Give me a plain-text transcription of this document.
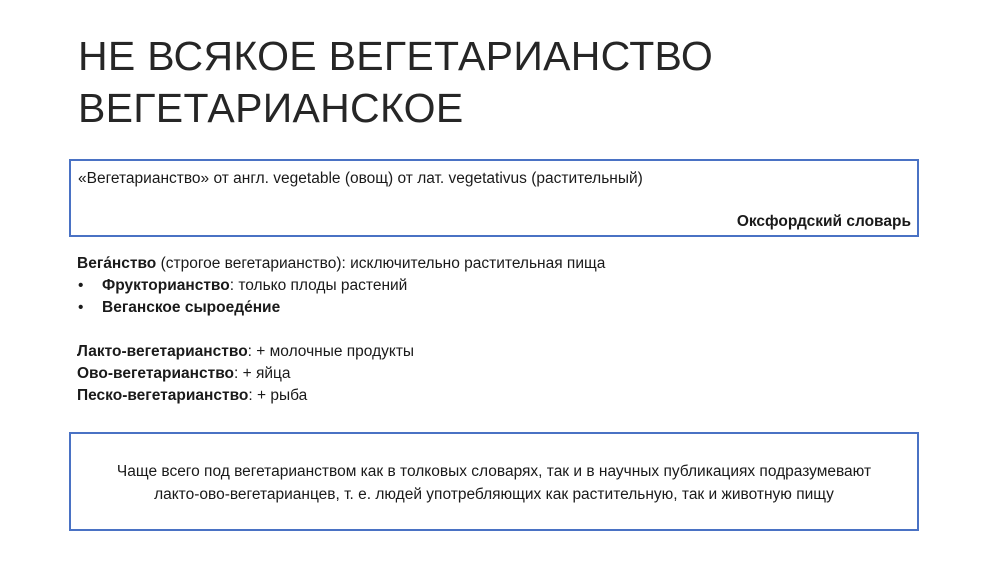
НЕ ВСЯКОЕ ВЕГЕТАРИАНСТВО
ВЕГЕТАРИАНСКОЕ
«Вегетарианство» от англ. vegetable (овощ) от лат. vegetativus (растительный)
Оксфордский словарь
Вега́нство (строгое вегетарианство): исключительно растительная пища
• Фрукторианство: только плоды растений
• Веганское сыроеде́ние
Лакто-вегетарианство: + молочные продукты
Ово-вегетарианство: + яйца
Песко-вегетарианство: + рыба
Чаще всего под вегетарианством как в толковых словарях, так и в научных публикациях подразумевают
лакто-ово-вегетарианцев, т. е. людей употребляющих как растительную, так и животную пищу
